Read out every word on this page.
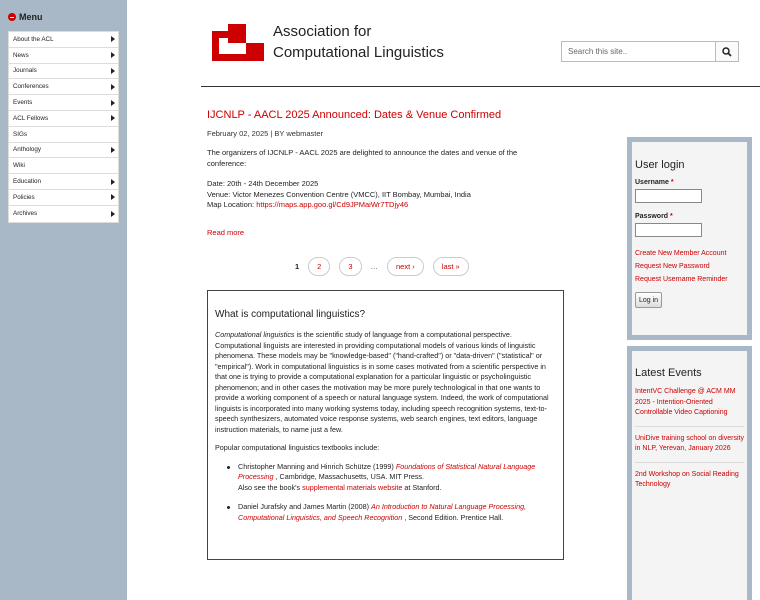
Menu
About the ACL
News
Journals
Conferences
Events
ACL Fellows
SIGs
Anthology
Wiki
Education
Policies
Archives
Association for
Computational Linguistics
Search this site..
IJCNLP - AACL 2025 Announced: Dates & Venue Confirmed
February 02, 2025 | BY webmaster

The organizers of IJCNLP - AACL 2025 are delighted to announce the dates and venue of the conference:

Date: 20th - 24th December 2025
Venue: Victor Menezes Convention Centre (VMCC), IIT Bombay, Mumbai, India
Map Location: https://maps.app.goo.gl/Cd9JPMaiWr7TDjy46
Read more
1	2	3	…	next ›	last »
What is computational linguistics?

Computational linguistics is the scientific study of language from a computational perspective. Computational linguists are interested in providing computational models of various kinds of linguistic phenomena. These models may be "knowledge-based" ("hand-crafted") or "data-driven" ("statistical" or "empirical"). Work in computational linguistics is in some cases motivated from a scientific perspective in that one is trying to provide a computational explanation for a particular linguistic or psycholinguistic phenomenon; and in other cases the motivation may be more purely technological in that one wants to provide a working component of a speech or natural language system. Indeed, the work of computational linguists is incorporated into many working systems today, including speech recognition systems, text-to-speech synthesizers, automated voice response systems, web search engines, text editors, language instruction materials, to name just a few.

Popular computational linguistics textbooks include:

Christopher Manning and Hinrich Schütze (1999) Foundations of Statistical Natural Language Processing , Cambridge, Massachusetts, USA. MIT Press.
Also see the book's supplemental materials website at Stanford.
Daniel Jurafsky and James Martin (2008) An Introduction to Natural Language Processing, Computational Linguistics, and Speech Recognition , Second Edition. Prentice Hall.
User login
Username *
Password *
Create New Member Account
Request New Password
Request Username Reminder
Log in
Latest Events
IntentVC Challenge @ ACM MM 2025 - Intention-Oriented Controllable Video Captioning
UniDive training school on diversity in NLP, Yerevan, January 2026
2nd Workshop on Social Reading Technology
